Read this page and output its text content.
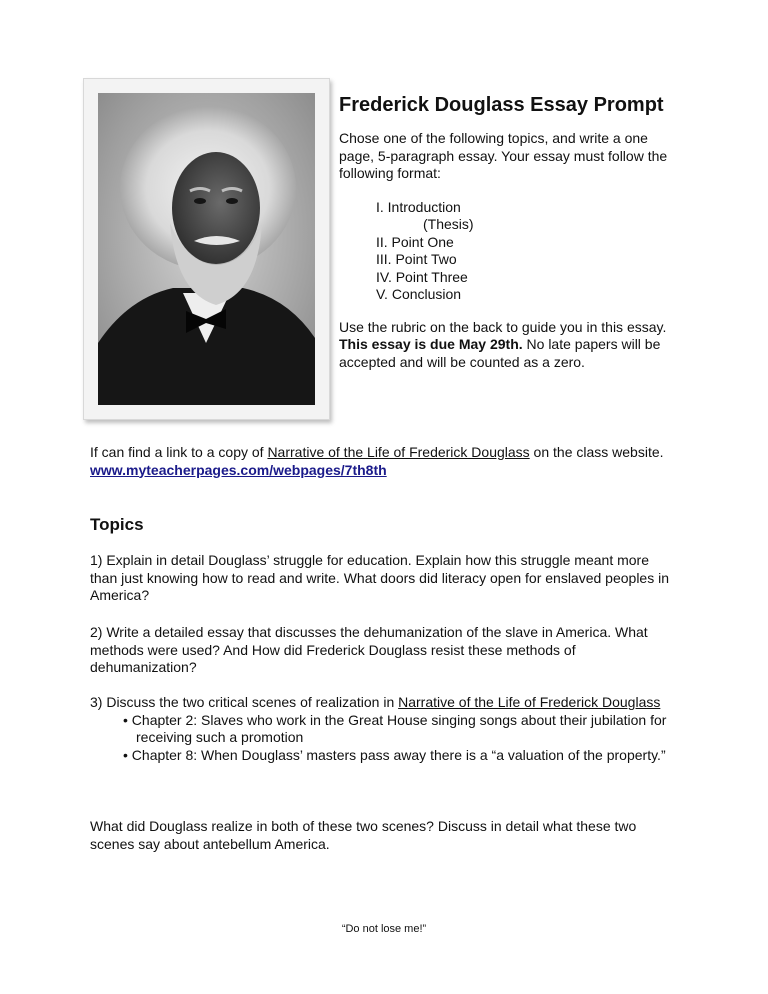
Frederick Douglass Essay Prompt

Chose one of the following topics, and write a one page, 5-paragraph essay. Your essay must follow the following format:

I. Introduction
(Thesis)
II. Point One
III. Point Two
IV. Point Three
V. Conclusion

Use the rubric on the back to guide you in this essay. This essay is due May 29th. No late papers will be accepted and will be counted as a zero.

If can find a link to a copy of Narrative of the Life of Frederick Douglass on the class website. www.myteacherpages.com/webpages/7th8th
Topics
1) Explain in detail Douglass’ struggle for education. Explain how this struggle meant more than just knowing how to read and write. What doors did literacy open for enslaved peoples in America?
2) Write a detailed essay that discusses the dehumanization of the slave in America. What methods were used? And How did Frederick Douglass resist these methods of dehumanization?
3) Discuss the two critical scenes of realization in Narrative of the Life of Frederick Douglass
• Chapter 2: Slaves who work in the Great House singing songs about their jubilation for receiving such a promotion
• Chapter 8: When Douglass’ masters pass away there is a “a valuation of the property.”
What did Douglass realize in both of these two scenes? Discuss in detail what these two scenes say about antebellum America.
“Do not lose me!”
